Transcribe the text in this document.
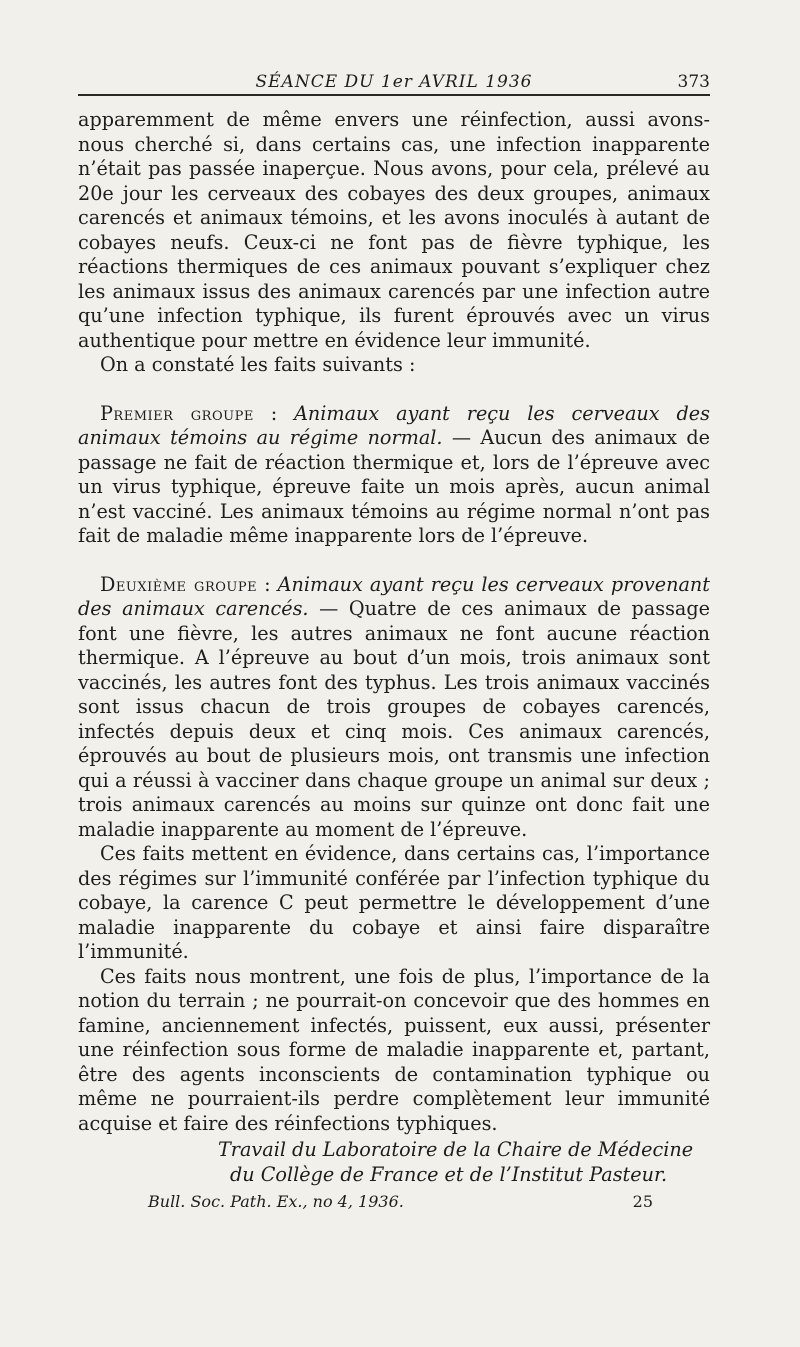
SÉANCE DU 1er AVRIL 1936	373

apparemment de même envers une réinfection, aussi avons-nous cherché si, dans certains cas, une infection inapparente n’était pas passée inaperçue. Nous avons, pour cela, prélevé au 20e jour les cerveaux des cobayes des deux groupes, animaux carencés et animaux témoins, et les avons inoculés à autant de cobayes neufs. Ceux-ci ne font pas de fièvre typhique, les réactions thermiques de ces animaux pouvant s’expliquer chez les animaux issus des animaux carencés par une infection autre qu’une infection typhique, ils furent éprouvés avec un virus authentique pour mettre en évidence leur immunité.

On a constaté les faits suivants :

Premier groupe : Animaux ayant reçu les cerveaux des animaux témoins au régime normal. — Aucun des animaux de passage ne fait de réaction thermique et, lors de l’épreuve avec un virus typhique, épreuve faite un mois après, aucun animal n’est vacciné. Les animaux témoins au régime normal n’ont pas fait de maladie même inapparente lors de l’épreuve.

Deuxième groupe : Animaux ayant reçu les cerveaux provenant des animaux carencés. — Quatre de ces animaux de passage font une fièvre, les autres animaux ne font aucune réaction thermique. A l’épreuve au bout d’un mois, trois animaux sont vaccinés, les autres font des typhus. Les trois animaux vaccinés sont issus chacun de trois groupes de cobayes carencés, infectés depuis deux et cinq mois. Ces animaux carencés, éprouvés au bout de plusieurs mois, ont transmis une infection qui a réussi à vacciner dans chaque groupe un animal sur deux ; trois animaux carencés au moins sur quinze ont donc fait une maladie inapparente au moment de l’épreuve.

Ces faits mettent en évidence, dans certains cas, l’importance des régimes sur l’immunité conférée par l’infection typhique du cobaye, la carence C peut permettre le développement d’une maladie inapparente du cobaye et ainsi faire disparaître l’immunité.

Ces faits nous montrent, une fois de plus, l’importance de la notion du terrain ; ne pourrait-on concevoir que des hommes en famine, anciennement infectés, puissent, eux aussi, présenter une réinfection sous forme de maladie inapparente et, partant, être des agents inconscients de contamination typhique ou même ne pourraient-ils perdre complètement leur immunité acquise et faire des réinfections typhiques.

Travail du Laboratoire de la Chaire de Médecine
du Collège de France et de l’Institut Pasteur.
Bull. Soc. Path. Ex., no 4, 1936.	25
